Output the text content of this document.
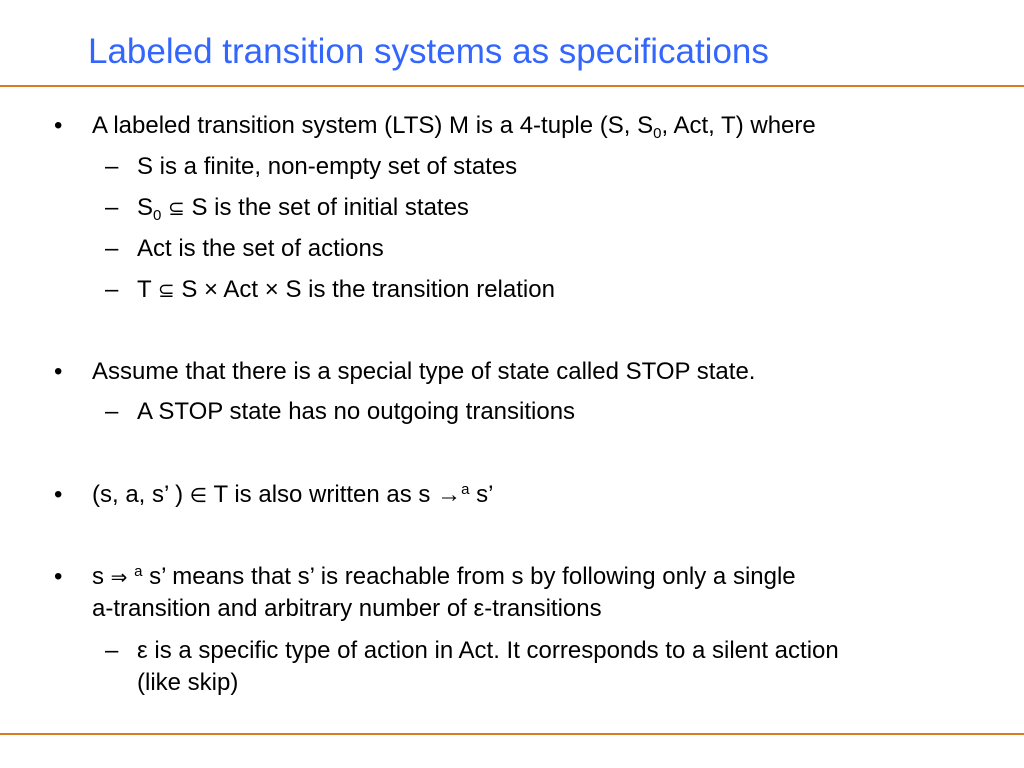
Labeled transition systems as specifications
• A labeled transition system (LTS) M is a 4-tuple (S, $S_0$, Act, T) where
– S is a finite, non-empty set of states
– $S_0$ ⊆ S is the set of initial states
– Act is the set of actions
– T ⊆ S × Act × S is the transition relation
• Assume that there is a special type of state called STOP state.
– A STOP state has no outgoing transitions
• (s, a, s’ ) ∈ T is also written as s →$^a$ s’
• s ⇒ $^a$ s’ means that s’ is reachable from s by following only a single
a-transition and arbitrary number of ε-transitions
– ε is a specific type of action in Act. It corresponds to a silent action
(like skip)
